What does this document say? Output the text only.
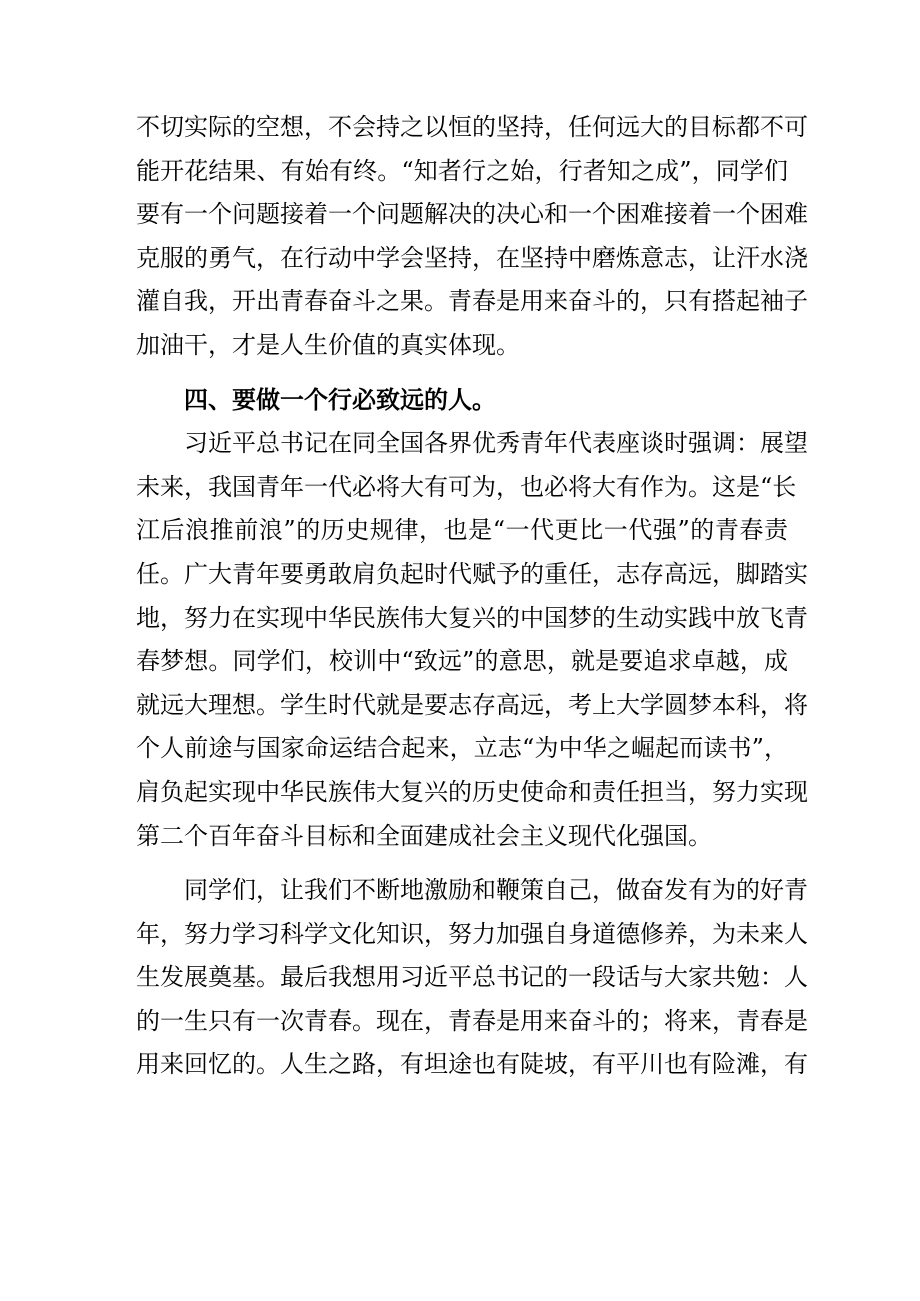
不切实际的空想，不会持之以恒的坚持，任何远大的目标都不可
能开花结果、有始有终。“知者行之始，行者知之成”，同学们
要有一个问题接着一个问题解决的决心和一个困难接着一个困难
克服的勇气，在行动中学会坚持，在坚持中磨炼意志，让汗水浇
灌自我，开出青春奋斗之果。青春是用来奋斗的，只有搭起袖子
加油干，才是人生价值的真实体现。
四、要做一个行必致远的人。
习近平总书记在同全国各界优秀青年代表座谈时强调：展望
未来，我国青年一代必将大有可为，也必将大有作为。这是“长
江后浪推前浪”的历史规律，也是“一代更比一代强”的青春责
任。广大青年要勇敢肩负起时代赋予的重任，志存高远，脚踏实
地，努力在实现中华民族伟大复兴的中国梦的生动实践中放飞青
春梦想。同学们，校训中“致远”的意思，就是要追求卓越，成
就远大理想。学生时代就是要志存高远，考上大学圆梦本科，将
个人前途与国家命运结合起来，立志“为中华之崛起而读书”，
肩负起实现中华民族伟大复兴的历史使命和责任担当，努力实现
第二个百年奋斗目标和全面建成社会主义现代化强国。
同学们，让我们不断地激励和鞭策自己，做奋发有为的好青
年，努力学习科学文化知识，努力加强自身道德修养，为未来人
生发展奠基。最后我想用习近平总书记的一段话与大家共勉：人
的一生只有一次青春。现在，青春是用来奋斗的；将来，青春是
用来回忆的。人生之路，有坦途也有陡坡，有平川也有险滩，有
